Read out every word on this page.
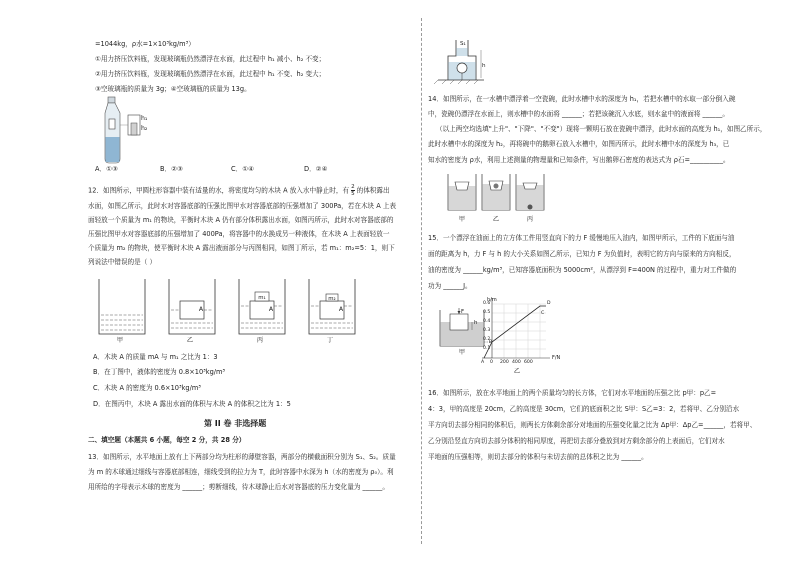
=1044kg，ρ水=1×10³kg/m³）
①用力挤压饮料瓶，发现玻璃瓶仍然漂浮在水面，此过程中 h₁ 减小、h₂ 不变；
②用力挤压饮料瓶，发现玻璃瓶仍然漂浮在水面，此过程中 h₁ 不变、h₂ 变大；
③空玻璃瓶的质量为 3g；④空玻璃瓶的质量为 13g。
h₁
h₂
A．①③	B．②③	C．①④	D．②④
12．如图所示，甲圆柱形容器中装有适量的水，将密度均匀的木块 A 放入水中静止时，有 $\frac{2}{5}$ 的体积露出
水面，如图乙所示，此时水对容器底部的压强比图甲水对容器底部的压强增加了 300Pa，若在木块 A 上表
面轻放一个质量为 m₁ 的物块，平衡时木块 A 仍有部分体积露出水面，如图丙所示，此时水对容器底部的
压强比图甲水对容器底部的压强增加了 400Pa，将容器中的水换成另一种液体，在木块 A 上表面轻放一
个质量为 m₂ 的物块，使平衡时木块 A 露出液面部分与丙图相同，如图丁所示，若 m₁：m₂=5：1，则下
列说法中错误的是（ ）
A	A
m₁
A
m₂
甲	乙	丙	丁
A．木块 A 的质量 mA 与 m₁ 之比为 1：3
B．在丁图中，液体的密度为 0.8×10³kg/m³
C．木块 A 的密度为 0.6×10³kg/m³
D．在图丙中，木块 A 露出水面的体积与木块 A 的体积之比为 1：5
第 II 卷 非选择题
二、填空题（本题共 6 小题，每空 2 分，共 28 分）
13．如图所示，水平地面上放有上下两部分均为柱形的薄壁容器，两部分的横截面积分别为 S₁、S₂。质量
为 m 的木球通过细线与容器底部相连，细线受到的拉力为 T，此时容器中水深为 h（水的密度为 ρ₀）。利
用所给的字母表示木球的密度为 ______；剪断细线，待木球静止后水对容器底的压力变化量为 ______。
S₁
h
14．如图所示，在一水槽中漂浮着一空瓷碗，此时水槽中水的深度为 h₁，若把水槽中的水取一部分倒入碗
中，瓷碗仍漂浮在水面上，则水槽中的水面将 ______；若把该碗沉入水底，则水盆中的液面将 ______。
（以上两空均选填"上升"、"下降"、"不变"）现将一颗明石放在瓷碗中漂浮，此时水面的高度为 h₁，如图乙所示，
此时水槽中水的深度为 h₂，再将碗中的鹅卵石放入水槽中，如图丙所示，此时水槽中水的深度为 h₃，已
知水的密度为 ρ水，利用上述测量的物理量和已知条件，写出鹅卵石密度的表达式为 ρ石=__________。
甲	乙	丙
15．一个漂浮在油面上的立方体工件用竖直向下的力 F 缓慢地压入油内，如图甲所示，工件的下底面与油
面的距离为 h，力 F 与 h 的大小关系如图乙所示，已知力 F 为负值时，表明它的方向与原来的方向相反，
油的密度为 ______kg/m³，已知容器底面积为 5000cm²，从漂浮到 F=400N 的过程中，重力对工件做的
功为 ______J。
F
h
甲
h/m
F/N
0.6
0.5
0.4
0.3
0.2
0.1
0 200 400 600
A
B
C
D
乙
16．如图所示，放在水平地面上的两个质量均匀的长方体，它们对水平地面的压强之比 p甲：p乙=
4：3，甲的高度是 20cm，乙的高度是 30cm，它们的底面积之比 S甲：S乙=3：2，若将甲、乙分别沿水
平方向切去部分相同的体积后，则两长方体剩余部分对地面的压强变化量之比为 Δp甲：Δp乙=______，若将甲、
乙分别沿竖直方向切去部分体积的相同厚度，再把切去部分叠放到对方剩余部分的上表面后，它们对水
平地面的压强相等，则切去部分的体积与未切去前的总体积之比为 ______。
